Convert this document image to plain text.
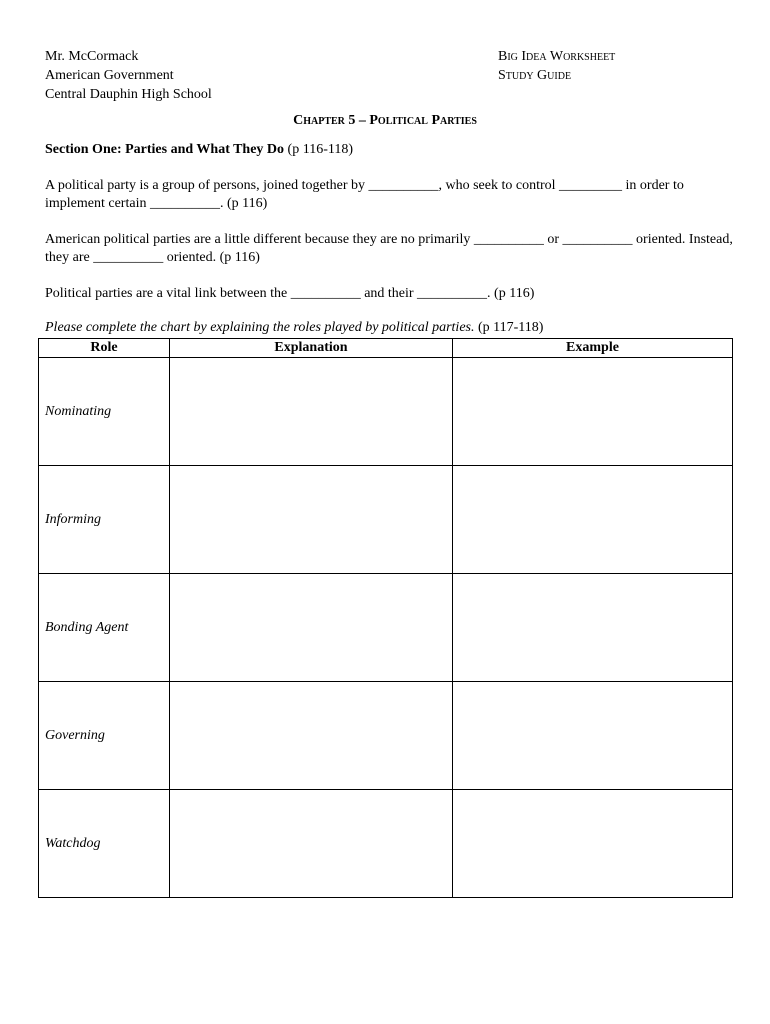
Mr. McCormack
American Government
Central Dauphin High School
Big Idea Worksheet
Study Guide
Chapter 5 – Political Parties
Section One: Parties and What They Do (p 116-118)
A political party is a group of persons, joined together by __________, who seek to control _________ in order to implement certain __________. (p 116)
American political parties are a little different because they are no primarily __________ or __________ oriented. Instead, they are __________ oriented. (p 116)
Political parties are a vital link between the __________ and their __________. (p 116)
Please complete the chart by explaining the roles played by political parties. (p 117-118)
Role	Explanation	Example
Nominating		
Informing		
Bonding Agent		
Governing		
Watchdog		
